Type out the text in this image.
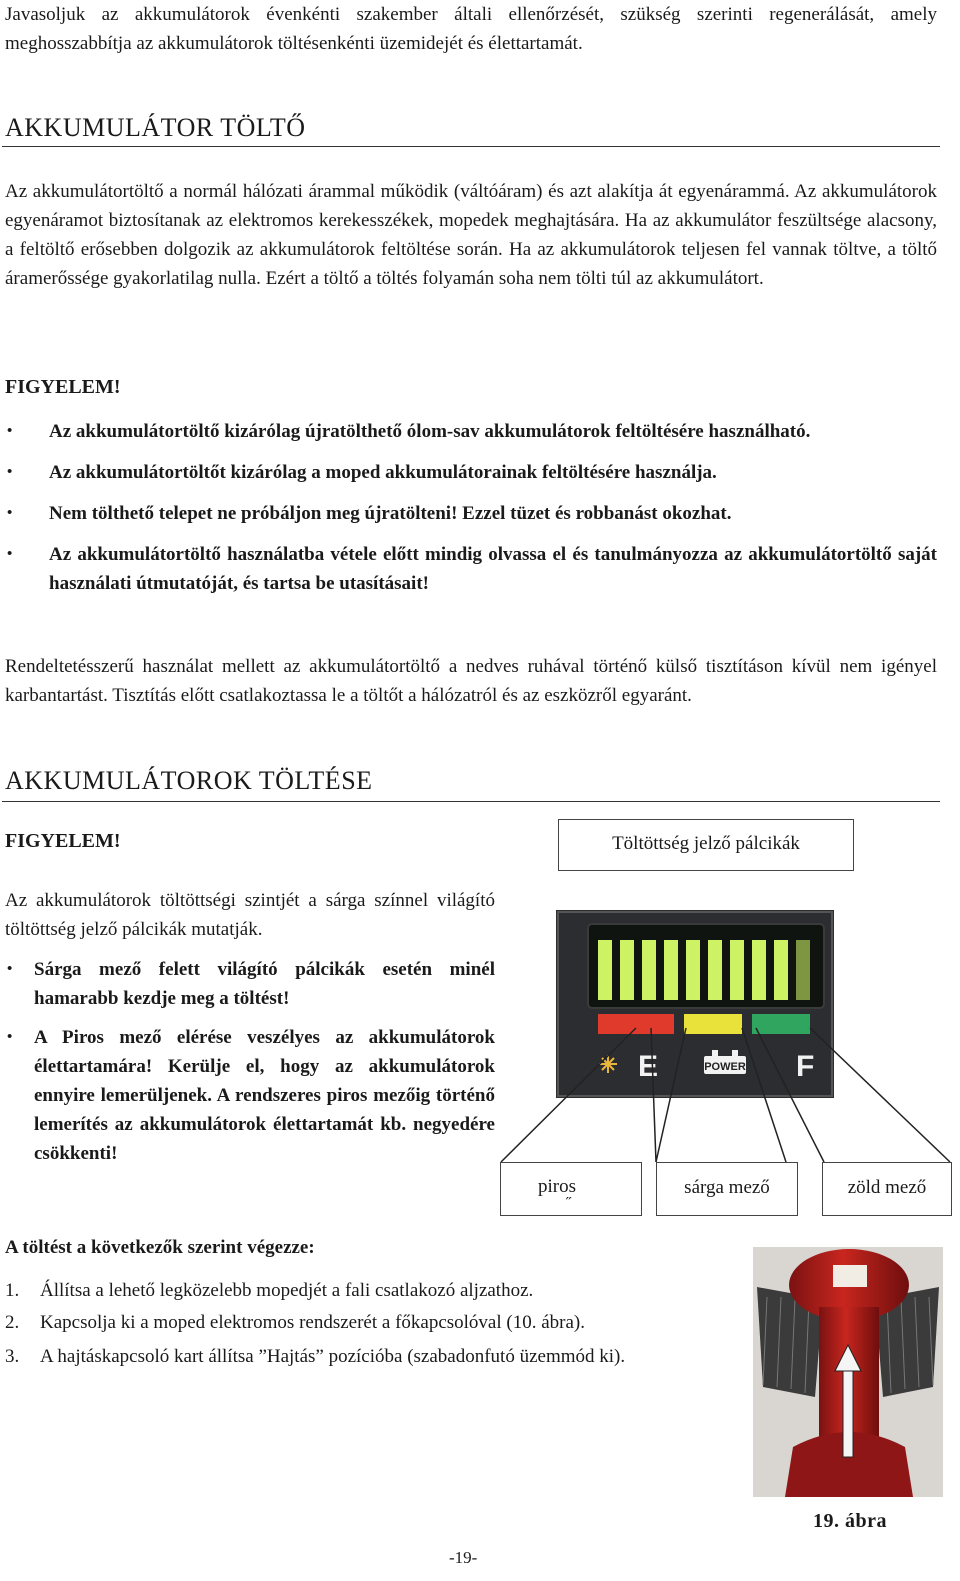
Javasoljuk az akkumulátorok évenkénti szakember általi ellenőrzését, szükség szerinti regenerálását, amely meghosszabbítja az akkumulátorok töltésenkénti üzemidejét és élettartamát.

AKKUMULÁTOR TÖLTŐ

Az akkumulátortöltő a normál hálózati árammal működik (váltóáram) és azt alakítja át egyenárammá. Az akkumulátorok egyenáramot biztosítanak az elektromos kerekesszékek, mopedek meghajtására. Ha az akkumulátor feszültsége alacsony, a feltöltő erősebben dolgozik az akkumulátorok feltöltése során. Ha az akkumulátorok teljesen fel vannak töltve, a töltő áramerőssége gyakorlatilag nulla. Ezért a töltő a töltés folyamán soha nem tölti túl az akkumulátort.

FIGYELEM!
• Az akkumulátortöltő kizárólag újratölthető ólom-sav akkumulátorok feltöltésére használható.
• Az akkumulátortöltőt kizárólag a moped akkumulátorainak feltöltésére használja.
• Nem tölthető telepet ne próbáljon meg újratölteni! Ezzel tüzet és robbanást okozhat.
• Az akkumulátortöltő használatba vétele előtt mindig olvassa el és tanulmányozza az akkumulátortöltő saját használati útmutatóját, és tartsa be utasításait!

Rendeltetésszerű használat mellett az akkumulátortöltő a nedves ruhával történő külső tisztításon kívül nem igényel karbantartást. Tisztítás előtt csatlakoztassa le a töltőt a hálózatról és az eszközről egyaránt.

AKKUMULÁTOROK TÖLTÉSE
FIGYELEM!

Az akkumulátorok töltöttségi szintjét a sárga színnel világító töltöttség jelző pálcikák mutatják.

• Sárga mező felett világító pálcikák esetén minél hamarabb kezdje meg a töltést!
• A Piros mező elérése veszélyes az akkumulátorok élettartamára! Kerülje el, hogy az akkumulátorok ennyire lemerüljenek. A rendszeres piros mezőig történő lemerítés az akkumulátorok élettartamát kb. negyedére csökkenti!
Töltöttség jelző pálcikák
E	POWER F
piros
˝
sárga mező	zöld mező
A töltést a következők szerint végezze:
1. Állítsa a lehető legközelebb mopedjét a fali csatlakozó aljzathoz.
2. Kapcsolja ki a moped elektromos rendszerét a főkapcsolóval (10. ábra).
3. A hajtáskapcsoló kart állítsa ”Hajtás” pozícióba (szabadonfutó üzemmód ki).
19. ábra
-19-
